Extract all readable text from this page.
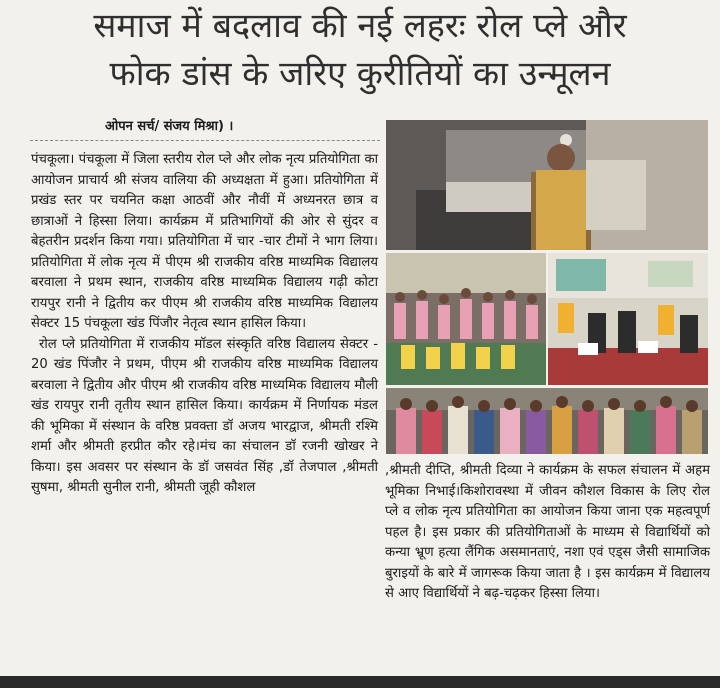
समाज में बदलाव की नई लहरः रोल प्ले और
फोक डांस के जरिए कुरीतियों का उन्मूलन
ओपन सर्च/ संजय मिश्रा) ।

पंचकूला। पंचकूला में जिला स्तरीय रोल प्ले और लोक नृत्य प्रतियोगिता का आयोजन प्राचार्य श्री संजय वालिया की अध्यक्षता में हुआ। प्रतियोगिता में प्रखंड स्तर पर चयनित कक्षा आठवीं और नौवीं में अध्यनरत छात्र व छात्राओं ने हिस्सा लिया। कार्यक्रम में प्रतिभागियों की ओर से सुंदर व बेहतरीन प्रदर्शन किया गया। प्रतियोगिता में चार -चार टीमों ने भाग लिया। प्रतियोगिता में लोक नृत्य में पीएम श्री राजकीय वरिष्ठ माध्यमिक विद्यालय बरवाला ने प्रथम स्थान, राजकीय वरिष्ठ माध्यमिक विद्यालय गढ़ी कोटा रायपुर रानी ने द्वितीय कर पीएम श्री राजकीय वरिष्ठ माध्यमिक विद्यालय सेक्टर 15 पंचकूला खंड पिंजौर नेतृत्व स्थान हासिल किया।

रोल प्ले प्रतियोगिता में राजकीय मॉडल संस्कृति वरिष्ठ विद्यालय सेक्टर - 20 खंड पिंजौर ने प्रथम, पीएम श्री राजकीय वरिष्ठ माध्यमिक विद्यालय बरवाला ने द्वितीय और पीएम श्री राजकीय वरिष्ठ माध्यमिक विद्यालय मौली खंड रायपुर रानी तृतीय स्थान हासिल किया। कार्यक्रम में निर्णायक मंडल की भूमिका में संस्थान के वरिष्ठ प्रवक्ता डॉ अजय भारद्वाज, श्रीमती रश्मि शर्मा और श्रीमती हरप्रीत कौर रहे।मंच का संचालन डॉ रजनी खोखर ने किया। इस अवसर पर संस्थान के डॉ जसवंत सिंह ,डॉ तेजपाल ,श्रीमती सुषमा, श्रीमती सुनील रानी, श्रीमती जूही कौशल

,श्रीमती दीप्ति, श्रीमती दिव्या ने कार्यक्रम के सफल संचालन में अहम भूमिका निभाई।किशोरावस्था में जीवन कौशल विकास के लिए रोल प्ले व लोक नृत्य प्रतियोगिता का आयोजन किया जाना एक महत्वपूर्ण पहल है। इस प्रकार की प्रतियोगिताओं के माध्यम से विद्यार्थियों को कन्या भ्रूण हत्या लैंगिक असमानताएं, नशा एवं एड्स जैसी सामाजिक बुराइयों के बारे में जागरूक किया जाता है । इस कार्यक्रम में विद्यालय से आए विद्यार्थियों ने बढ़-चढ़कर हिस्सा लिया।
